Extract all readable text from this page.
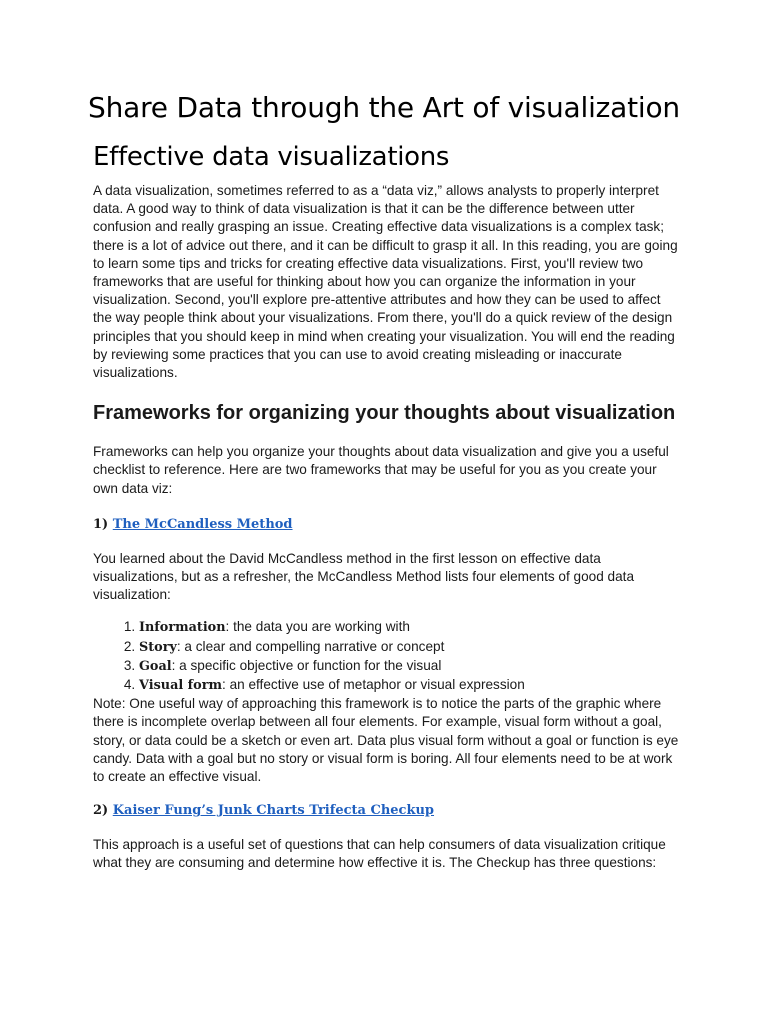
Share Data through the Art of visualization
Effective data visualizations

A data visualization, sometimes referred to as a “data viz,” allows analysts to properly interpret data. A good way to think of data visualization is that it can be the difference between utter confusion and really grasping an issue. Creating effective data visualizations is a complex task; there is a lot of advice out there, and it can be difficult to grasp it all. In this reading, you are going to learn some tips and tricks for creating effective data visualizations. First, you'll review two frameworks that are useful for thinking about how you can organize the information in your visualization. Second, you'll explore pre-attentive attributes and how they can be used to affect the way people think about your visualizations. From there, you'll do a quick review of the design principles that you should keep in mind when creating your visualization. You will end the reading by reviewing some practices that you can use to avoid creating misleading or inaccurate visualizations.

Frameworks for organizing your thoughts about visualization

Frameworks can help you organize your thoughts about data visualization and give you a useful checklist to reference. Here are two frameworks that may be useful for you as you create your own data viz:

1) The McCandless Method

You learned about the David McCandless method in the first lesson on effective data visualizations, but as a refresher, the McCandless Method lists four elements of good data visualization:

1. Information: the data you are working with
2. Story: a clear and compelling narrative or concept
3. Goal: a specific objective or function for the visual
4. Visual form: an effective use of metaphor or visual expression

Note: One useful way of approaching this framework is to notice the parts of the graphic where there is incomplete overlap between all four elements. For example, visual form without a goal, story, or data could be a sketch or even art. Data plus visual form without a goal or function is eye candy. Data with a goal but no story or visual form is boring. All four elements need to be at work to create an effective visual.

2) Kaiser Fung’s Junk Charts Trifecta Checkup

This approach is a useful set of questions that can help consumers of data visualization critique what they are consuming and determine how effective it is. The Checkup has three questions:
